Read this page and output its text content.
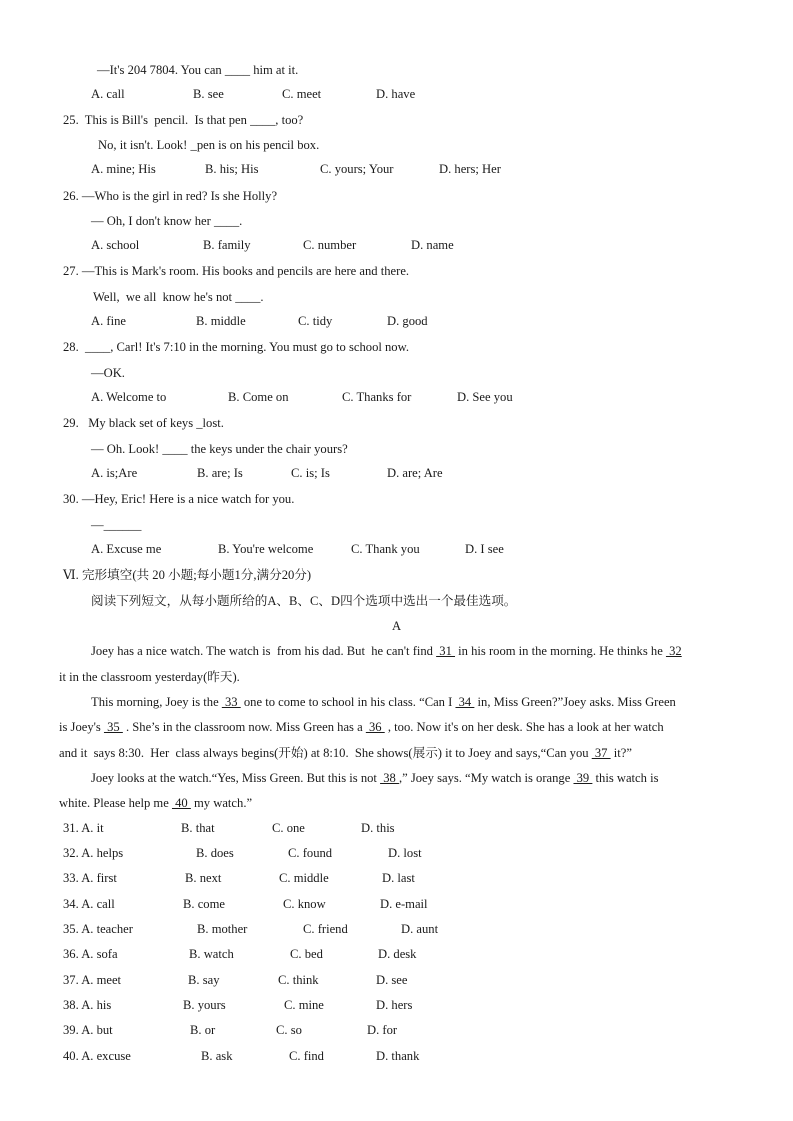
—It's 204 7804. You can ____ him at it.
A. call	B. see	C. meet	D. have
25.  This is Bill's  pencil.  Is that pen ____, too?
No, it isn't. Look! _pen is on his pencil box.
A. mine; His	B. his; His	C. yours; Your	D. hers; Her
26. —Who is the girl in red? Is she Holly?
— Oh, I don't know her ____.
A. school	B. family	C. number	D. name
27. —This is Mark's room. His books and pencils are here and there.
Well,  we all  know he's not ____.
A. fine	B. middle	C. tidy	D. good
28.  ____, Carl! It's 7:10 in the morning. You must go to school now.
—OK.
A. Welcome to	B. Come on	C. Thanks for	D. See you
29.   My black set of keys _lost.
— Oh. Look! ____ the keys under the chair yours?
A. is;Are	B. are; Is	C. is; Is	D. are; Are
30. —Hey, Eric! Here is a nice watch for you.
—______
A. Excuse me	B. You're welcome	C. Thank you	D. I see
Ⅵ. 完形填空(共 20 小题;每小题1分,满分20分)
阅读下列短文，从每小题所给的A、B、C、D四个选项中选出一个最佳选项。
A
Joey has a nice watch. The watch is  from his dad. But  he can't find  31  in his room in the morning. He thinks he  32
it in the classroom yesterday(昨天).
This morning, Joey is the  33  one to come to school in his class. “Can I  34  in, Miss Green?”Joey asks. Miss Green
is Joey's  35  . She’s in the classroom now. Miss Green has a  36  , too. Now it's on her desk. She has a look at her watch
and it  says 8:30.  Her  class always begins(开始) at 8:10.  She shows(展示) it to Joey and says,“Can you  37  it?”
Joey looks at the watch.“Yes, Miss Green. But this is not  38 ,” Joey says. “My watch is orange  39  this watch is
white. Please help me  40  my watch.”
31. A. it	B. that	C. one	D. this
32. A. helps	B. does	C. found	D. lost
33. A. first	B. next	C. middle	D. last
34. A. call	B. come	C. know	D. e-mail
35. A. teacher	B. mother	C. friend	D. aunt
36. A. sofa	B. watch	C. bed	D. desk
37. A. meet	B. say	C. think	D. see
38. A. his	B. yours	C. mine	D. hers
39. A. but	B. or	C. so	D. for
40. A. excuse	B. ask	C. find	D. thank
